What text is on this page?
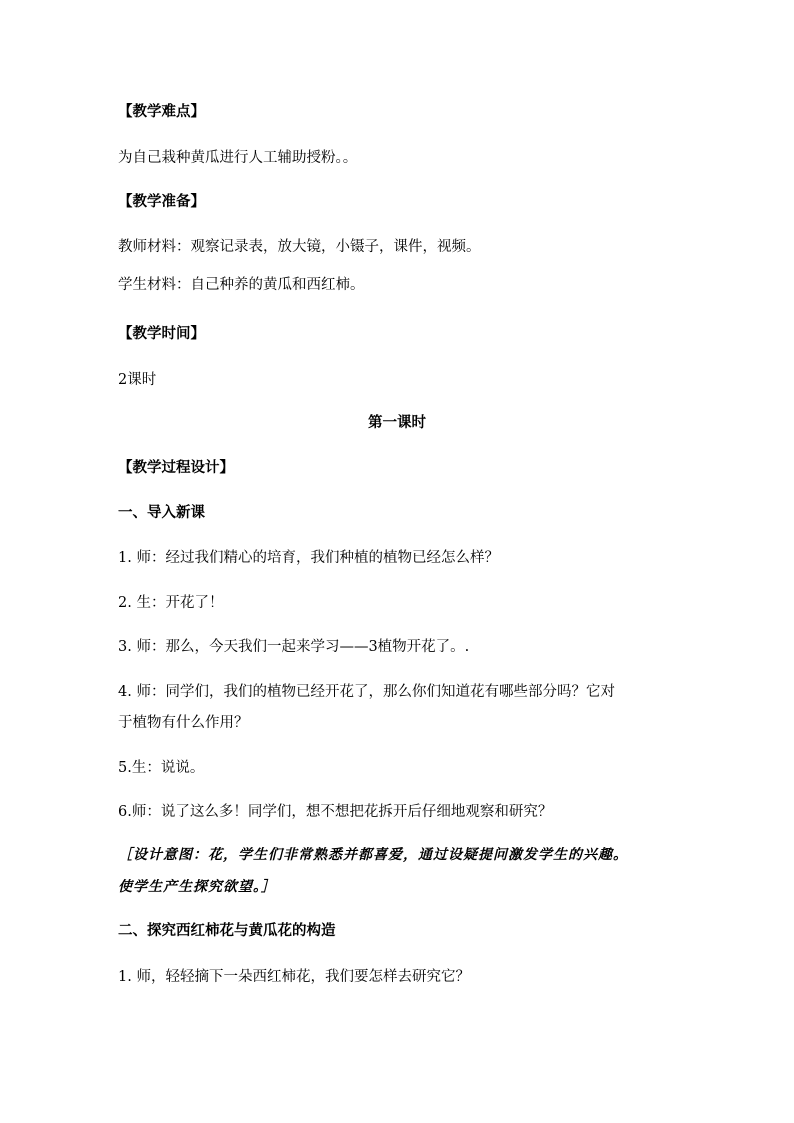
【教学难点】
为自己栽种黄瓜进行人工辅助授粉。。
【教学准备】
教师材料：观察记录表，放大镜，小镊子，课件，视频。
学生材料：自己种养的黄瓜和西红柿。
【教学时间】
2课时
第一课时
【教学过程设计】
一、导入新课
1. 师：经过我们精心的培育，我们种植的植物已经怎么样？
2. 生：开花了！
3. 师：那么，今天我们一起来学习——3植物开花了。.
4. 师：同学们，我们的植物已经开花了，那么你们知道花有哪些部分吗？它对
于植物有什么作用？
5.生：说说。
6.师：说了这么多！同学们，想不想把花拆开后仔细地观察和研究？
［设计意图：花，学生们非常熟悉并都喜爱，通过设疑提问激发学生的兴趣。
使学生产生探究欲望。］
二、探究西红柿花与黄瓜花的构造
1. 师，轻轻摘下一朵西红柿花，我们要怎样去研究它？
